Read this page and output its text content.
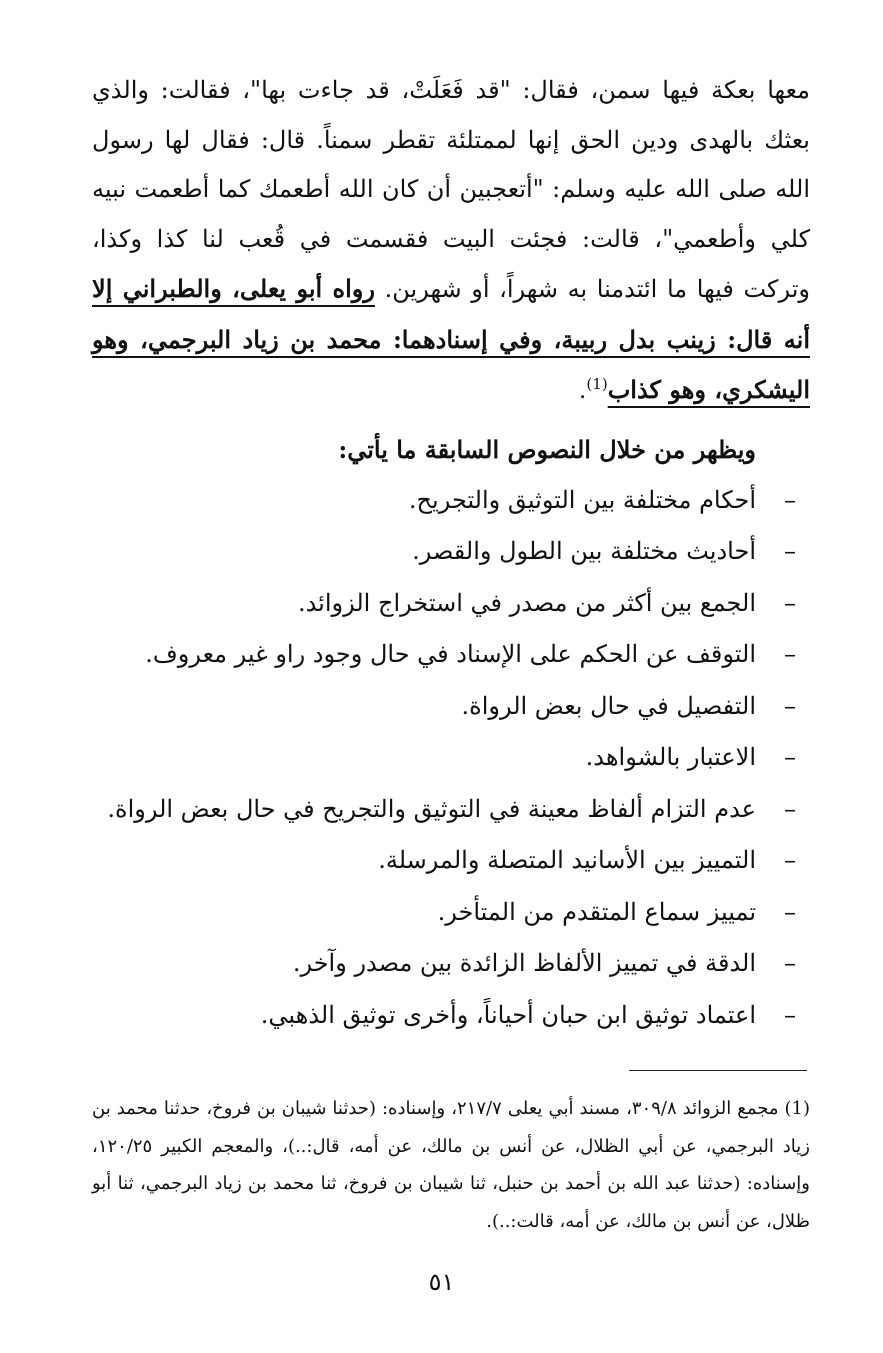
معها بعكة فيها سمن، فقال: "قد فَعَلَتْ، قد جاءت بها"، فقالت: والذي بعثك بالهدى ودين الحق إنها لممتلئة تقطر سمناً. قال: فقال لها رسول الله صلى الله عليه وسلم: "أتعجبين أن كان الله أطعمك كما أطعمت نبيه كلي وأطعمي"، قالت: فجئت البيت فقسمت في قُعب لنا كذا وكذا، وتركت فيها ما ائتدمنا به شهراً، أو شهرين. رواه أبو يعلى، والطبراني إلا أنه قال: زينب بدل ربيبة، وفي إسنادهما: محمد بن زياد البرجمي، وهو اليشكري، وهو كذاب$^{(1)}$.

ويظهر من خلال النصوص السابقة ما يأتي:
–
أحكام مختلفة بين التوثيق والتجريح.
–
أحاديث مختلفة بين الطول والقصر.
–
الجمع بين أكثر من مصدر في استخراج الزوائد.
–
التوقف عن الحكم على الإسناد في حال وجود راو غير معروف.
–
التفصيل في حال بعض الرواة.
–
الاعتبار بالشواهد.
–
عدم التزام ألفاظ معينة في التوثيق والتجريح في حال بعض الرواة.
–
التمييز بين الأسانيد المتصلة والمرسلة.
–
تمييز سماع المتقدم من المتأخر.
–
الدقة في تمييز الألفاظ الزائدة بين مصدر وآخر.
–
اعتماد توثيق ابن حبان أحياناً، وأخرى توثيق الذهبي.
(1)مجمع الزوائد ٣٠٩/٨، مسند أبي يعلى ٢١٧/٧، وإسناده: (حدثنا شيبان بن فروخ، حدثنا محمد بن زياد البرجمي، عن أبي الظلال، عن أنس بن مالك، عن أمه، قال:..)، والمعجم الكبير ١٢٠/٢٥، وإسناده: (حدثنا عبد الله بن أحمد بن حنبل، ثنا شيبان بن فروخ، ثنا محمد بن زياد البرجمي، ثنا أبو ظلال، عن أنس بن مالك، عن أمه، قالت:..).
٥١
